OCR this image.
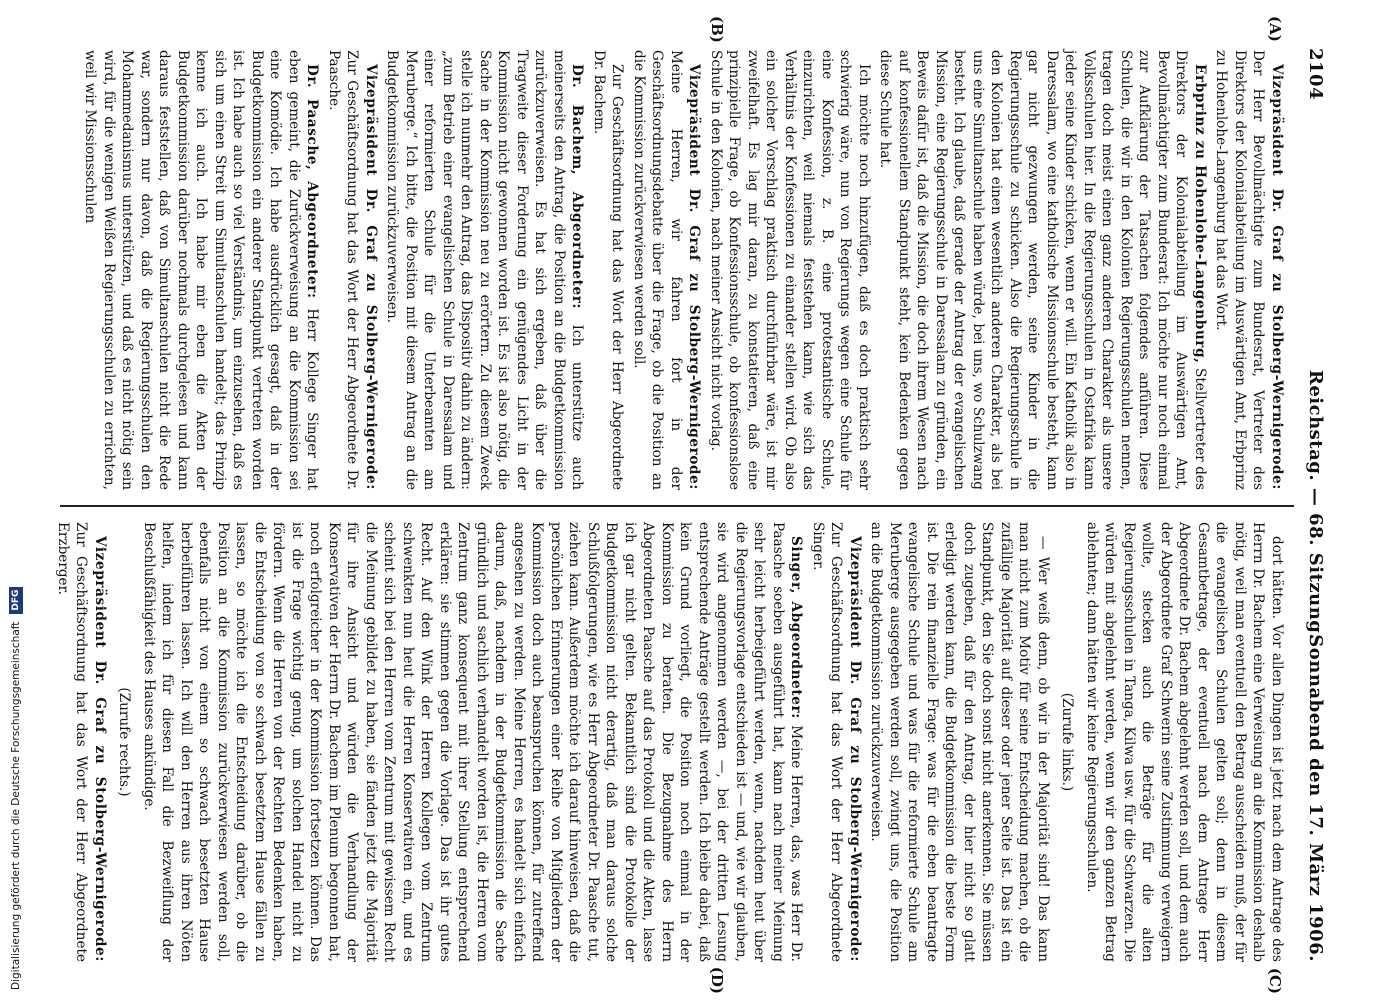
2104
Reichstag. — 68. Sitzung.
Sonnabend den 17. März 1906.
(A)
(B)
(C)
(D)

Vizepräsident Dr. Graf zu Stolberg-Wernigerode: Der Herr Bevollmächtigte zum Bundesrat, Vertreter des Direktors der Kolonialabteilung im Auswärtigen Amt, Erbprinz zu Hohenlohe-Langenburg hat das Wort.

Erbprinz zu Hohenlohe-Langenburg, Stellvertreter des Direktors der Kolonialabteilung im Auswärtigen Amt, Bevollmächtigter zum Bundesrat: Ich möchte nur noch einmal zur Aufklärung der Tatsachen folgendes anführen. Diese Schulen, die wir in den Kolonien Regierungsschulen nennen, tragen doch meist einen ganz anderen Charakter als unsere Volksschulen hier. In die Regierungsschulen in Ostafrika kann jeder seine Kinder schicken, wenn er will. Ein Katholik also in Daressalam, wo eine katholische Missionsschule besteht, kann gar nicht gezwungen werden, seine Kinder in die Regierungsschule zu schicken. Also die Regierungsschule in den Kolonien hat einen wesentlich anderen Charakter, als bei uns eine Simultanschule haben würde, bei uns, wo Schulzwang besteht. Ich glaube, daß gerade der Antrag der evangelischen Mission, eine Regierungsschule in Daressalam zu gründen, ein Beweis dafür ist, daß die Mission, die doch ihrem Wesen nach auf konfessionellem Standpunkt steht, kein Bedenken gegen diese Schule hat.

Ich möchte noch hinzufügen, daß es doch praktisch sehr schwierig wäre, nun von Regierungs wegen eine Schule für eine Konfession, z. B. eine protestantische Schule, einzurichten, weil niemals feststehen kann, wie sich das Verhältnis der Konfessionen zu einander stellen wird. Ob also ein solcher Vorschlag praktisch durchführbar wäre, ist mir zweifelhaft. Es lag mir daran, zu konstatieren, daß eine prinzipielle Frage, ob Konfessionsschule, ob konfessionslose Schule in den Kolonien, nach meiner Ansicht nicht vorlag.

Vizepräsident Dr. Graf zu Stolberg-Wernigerode: Meine Herren, wir fahren fort in der Geschäftsordnungsdebatte über die Frage, ob die Position an die Kommission zurückverwiesen werden soll.

Zur Geschäftsordnung hat das Wort der Herr Abgeordnete Dr. Bachem.

Dr. Bachem, Abgeordneter: Ich unterstütze auch meinerseits den Antrag, die Position an die Budgetkommission zurückzuverweisen. Es hat sich ergeben, daß über die Tragweite dieser Forderung ein genügendes Licht in der Kommission nicht gewonnen worden ist. Es ist also nötig, die Sache in der Kommission neu zu erörtern. Zu diesem Zweck stelle ich nunmehr den Antrag, das Dispositiv dahin zu ändern: „zum Betrieb einer evangelischen Schule in Daressalam und einer reformierten Schule für die Unterbeamten am Meruberge.“ Ich bitte, die Position mit diesem Antrag an die Budgetkommission zurückzuverweisen.

Vizepräsident Dr. Graf zu Stolberg-Wernigerode: Zur Geschäftsordnung hat das Wort der Herr Abgeordnete Dr. Paasche.

Dr. Paasche, Abgeordneter: Herr Kollege Singer hat eben gemeint, die Zurückverweisung an die Kommission sei eine Komödie. Ich habe ausdrücklich gesagt, daß in der Budgetkommission ein anderer Standpunkt vertreten worden ist. Ich habe auch so viel Verständnis, um einzusehen, daß es sich um einen Streit um Simultanschulen handelt; das Prinzip kenne ich auch. Ich habe mir eben die Akten der Budgetkommission darüber nochmals durchgelesen und kann daraus feststellen, daß von Simultanschulen nicht die Rede war, sondern nur davon, daß die Regierungsschulen den Mohammedanismus unterstützen, und daß es nicht nötig sein wird, für die wenigen Weißen Regierungsschulen zu errichten, weil wir Missionsschulen

dort hätten. Vor allen Dingen ist jetzt nach dem Antrage des Herrn Dr. Bachem eine Verweisung an die Kommission deshalb nötig, weil man eventuell den Betrag ausscheiden muß, der für die evangelischen Schulen gelten soll; denn in diesem Gesamtbetrage, der eventuell nach dem Antrage Herr Abgeordnete Dr. Bachem abgelehnt werden soll, und dem auch der Abgeordnete Graf Schwerin seine Zustimmung verweigern wollte, stecken auch die Beträge für die alten Regierungsschulen in Tanga, Kilwa usw. für die Schwarzen. Die würden mit abgelehnt werden, wenn wir den ganzen Betrag ablehnten; dann hätten wir keine Regierungsschulen.

(Zurufe links.)

— Wer weiß denn, ob wir in der Majorität sind! Das kann man nicht zum Motiv für seine Entscheidung machen, ob die zufällige Majorität auf dieser oder jener Seite ist. Das ist ein Standpunkt, den Sie doch sonst nicht anerkennen. Sie müssen doch zugeben, daß für den Antrag, der hier nicht so glatt erledigt werden kann, die Budgetkommission die beste Form ist. Die rein finanzielle Frage: was für die eben beantragte evangelische Schule und was für die reformierte Schule am Meruberge ausgegeben werden soll, zwingt uns, die Position an die Budgetkommission zurückzuverweisen.

Vizepräsident Dr. Graf zu Stolberg-Wernigerode: Zur Geschäftsordnung hat das Wort der Herr Abgeordnete Singer.

Singer, Abgeordneter: Meine Herren, das, was Herr Dr. Paasche soeben ausgeführt hat, kann nach meiner Meinung sehr leicht herbeigeführt werden, wenn, nachdem heut über die Regierungsvorlage entschieden ist — und, wie wir glauben, sie wird angenommen werden —, bei der dritten Lesung entsprechende Anträge gestellt werden. Ich bleibe dabei, daß kein Grund vorliegt, die Position noch einmal in der Kommission zu beraten. Die Bezugnahme des Herrn Abgeordneten Paasche auf das Protokoll und die Akten, lasse ich gar nicht gelten. Bekanntlich sind die Protokolle der Budgetkommission nicht derartig, daß man daraus solche Schlußfolgerungen, wie es Herr Abgeordneter Dr. Paasche tut, ziehen kann. Außerdem möchte ich darauf hinweisen, daß die persönlichen Erinnerungen einer Reihe von Mitgliedern der Kommission doch auch beanspruchen können, für zutreffend angesehen zu werden. Meine Herren, es handelt sich einfach darum, daß, nachdem in der Budgetkommission die Sache gründlich und sachlich verhandelt worden ist, die Herren vom Zentrum ganz konsequent mit ihrer Stellung entsprechend erklären: sie stimmen gegen die Vorlage. Das ist ihr gutes Recht. Auf den Wink der Herren Kollegen vom Zentrum schwenkten nun heut die Herren Konservativen ein, und es scheint sich bei den Herren vom Zentrum mit gewissem Recht die Meinung gebildet zu haben, sie fänden jetzt die Majorität für ihre Ansicht und würden die Verhandlung der Konservativen der Herrn Dr. Bachem im Plenum begonnen hat, noch erfolgreicher in der Kommission fortsetzen können. Das ist die Frage wichtig genug, um solchen Handel nicht zu fördern. Wenn die Herren von der Rechten Bedenken haben, die Entscheidung von so schwach besetztem Hause fällen zu lassen, so möchte ich die Entscheidung darüber, ob die Position an die Kommission zurückverwiesen werden soll, ebenfalls nicht von einem so schwach besetzten Hause herbeiführen lassen. Ich will den Herren aus ihren Nöten helfen, indem ich für diesen Fall die Bezweiflung der Beschlußfähigkeit des Hauses ankündige.

(Zurufe rechts.)

Vizepräsident Dr. Graf zu Stolberg-Wernigerode: Zur Geschäftsordnung hat das Wort der Herr Abgeordnete Erzberger.

Digitalisierung gefördert durch die Deutsche ForschungsgemeinschaftDFG
